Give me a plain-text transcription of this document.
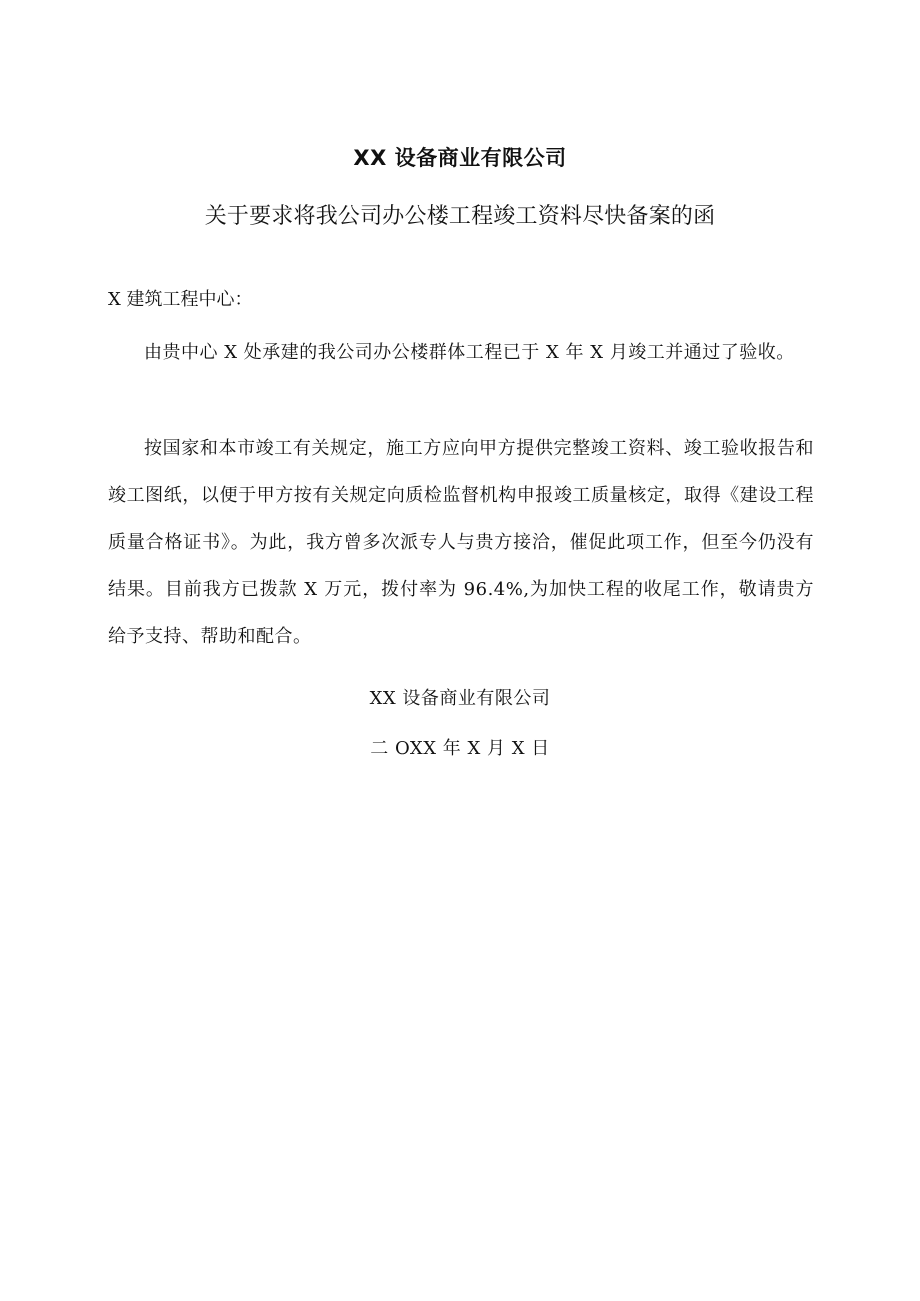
XX 设备商业有限公司
关于要求将我公司办公楼工程竣工资料尽快备案的函
X 建筑工程中心：
由贵中心 X 处承建的我公司办公楼群体工程已于 X 年 X 月竣工并通过了验收。
按国家和本市竣工有关规定，施工方应向甲方提供完整竣工资料、竣工验收报告和竣工图纸，以便于甲方按有关规定向质检监督机构申报竣工质量核定，取得《建设工程质量合格证书》。为此，我方曾多次派专人与贵方接洽，催促此项工作，但至今仍没有结果。目前我方已拨款 X 万元，拨付率为 96.4%,为加快工程的收尾工作，敬请贵方给予支持、帮助和配合。
XX 设备商业有限公司
二 OXX 年 X 月 X 日
